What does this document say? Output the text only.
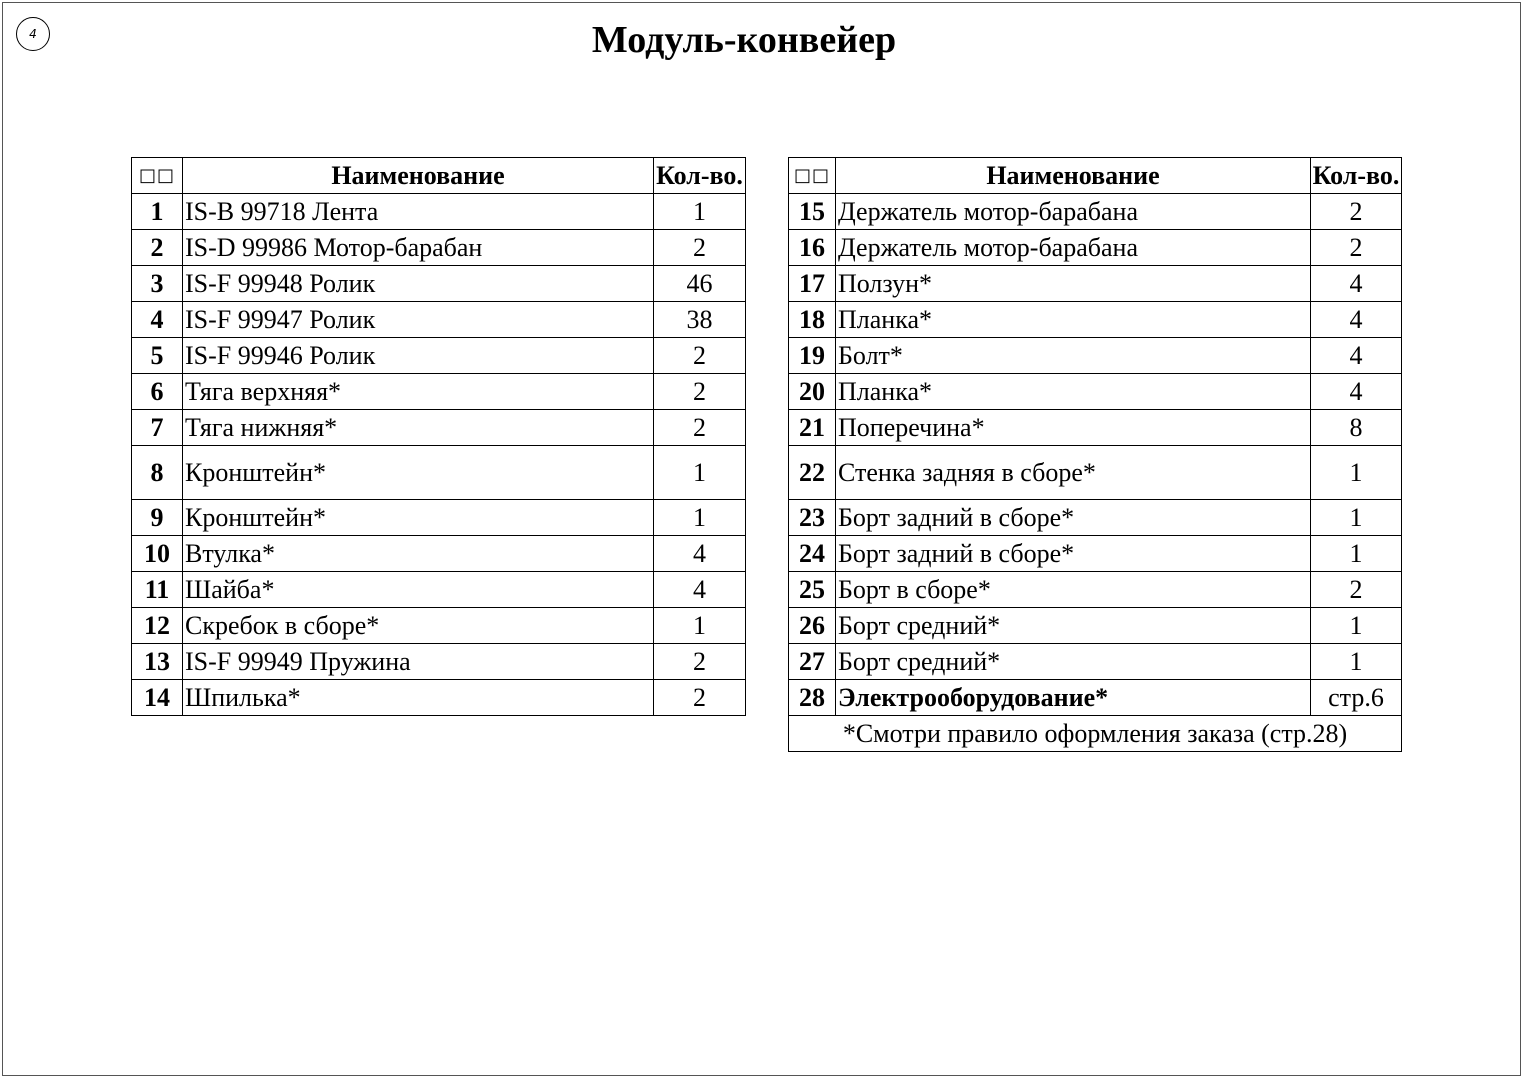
4	Модуль-конвейер
□□	Наименование	Кол-во.
1	IS-B 99718 Лента	1
2	IS-D 99986 Мотор-барабан	2
3	IS-F 99948 Ролик	46
4	IS-F 99947 Ролик	38
5	IS-F 99946 Ролик	2
6	Тяга верхняя*	2
7	Тяга нижняя*	2
8	Кронштейн*	1
9	Кронштейн*	1
10	Втулка*	4
11	Шайба*	4
12	Скребок в сборе*	1
13	IS-F 99949 Пружина	2
14	Шпилька*	2
□□	Наименование	Кол-во.
15	Держатель мотор-барабана	2
16	Держатель мотор-барабана	2
17	Ползун*	4
18	Планка*	4
19	Болт*	4
20	Планка*	4
21	Поперечина*	8
22	Стенка задняя в сборе*	1
23	Борт задний в сборе*	1
24	Борт задний в сборе*	1
25	Борт в сборе*	2
26	Борт средний*	1
27	Борт средний*	1
28	Электрооборудование*	стр.6
*Смотри правило оформления заказа (стр.28)		
